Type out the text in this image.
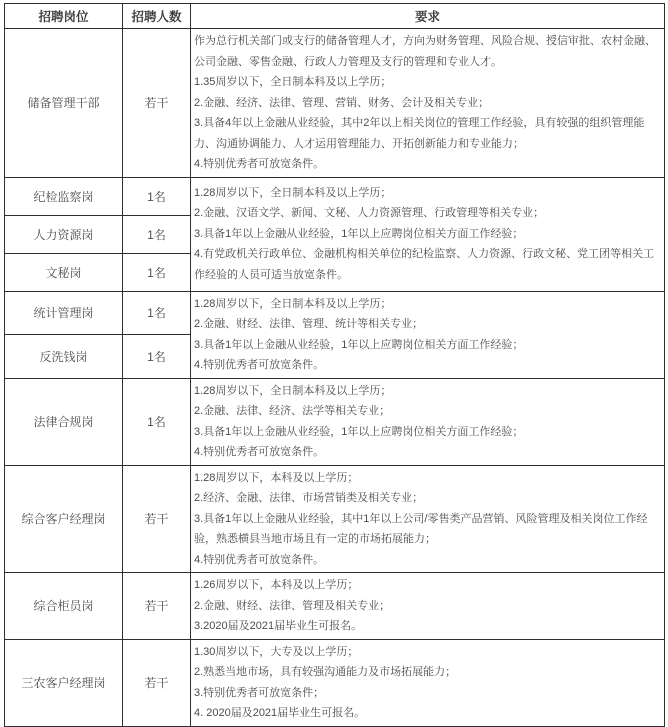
招聘岗位	招聘人数	要求
储备管理干部	若干	作为总行机关部门或支行的储备管理人才，方向为财务管理、风险合规、授信审批、农村金融、公司金融、零售金融、行政人力管理及支行的管理和专业人才。
1.35周岁以下，全日制本科及以上学历；
2.金融、经济、法律、管理、营销、财务、会计及相关专业；
3.具备4年以上金融从业经验，其中2年以上相关岗位的管理工作经验，具有较强的组织管理能力、沟通协调能力、人才运用管理能力、开拓创新能力和专业能力；
4.特别优秀者可放宽条件。

纪检监察岗	1名	1.28周岁以下，全日制本科及以上学历；
2.金融、汉语文学、新闻、文秘、人力资源管理、行政管理等相关专业；
3.具备1年以上金融从业经验，1年以上应聘岗位相关方面工作经验；
4.有党政机关行政单位、金融机构相关单位的纪检监察、人力资源、行政文秘、党工团等相关工作经验的人员可适当放宽条件。

人力资源岗	1名	
文秘岗	1名	
统计管理岗	1名	1.28周岁以下，全日制本科及以上学历；
2.金融、财经、法律、管理、统计等相关专业；
3.具备1年以上金融从业经验，1年以上应聘岗位相关方面工作经验；
4.特别优秀者可放宽条件。

反洗钱岗	1名	
法律合规岗	1名	1.28周岁以下，全日制本科及以上学历；
2.金融、法律、经济、法学等相关专业；
3.具备1年以上金融从业经验，1年以上应聘岗位相关方面工作经验；
4.特别优秀者可放宽条件。

综合客户经理岗	若干	1.28周岁以下，本科及以上学历；
2.经济、金融、法律、市场营销类及相关专业；
3.具备1年以上金融从业经验，其中1年以上公司/零售类产品营销、风险管理及相关岗位工作经验，熟悉横县当地市场且有一定的市场拓展能力；
4.特别优秀者可放宽条件。

综合柜员岗	若干	1.26周岁以下，本科及以上学历；
2.金融、财经、法律、管理及相关专业；
3.2020届及2021届毕业生可报名。

三农客户经理岗	若干	1.30周岁以下，大专及以上学历；
2.熟悉当地市场，具有较强沟通能力及市场拓展能力；
3.特别优秀者可放宽条件；
4. 2020届及2021届毕业生可报名。
